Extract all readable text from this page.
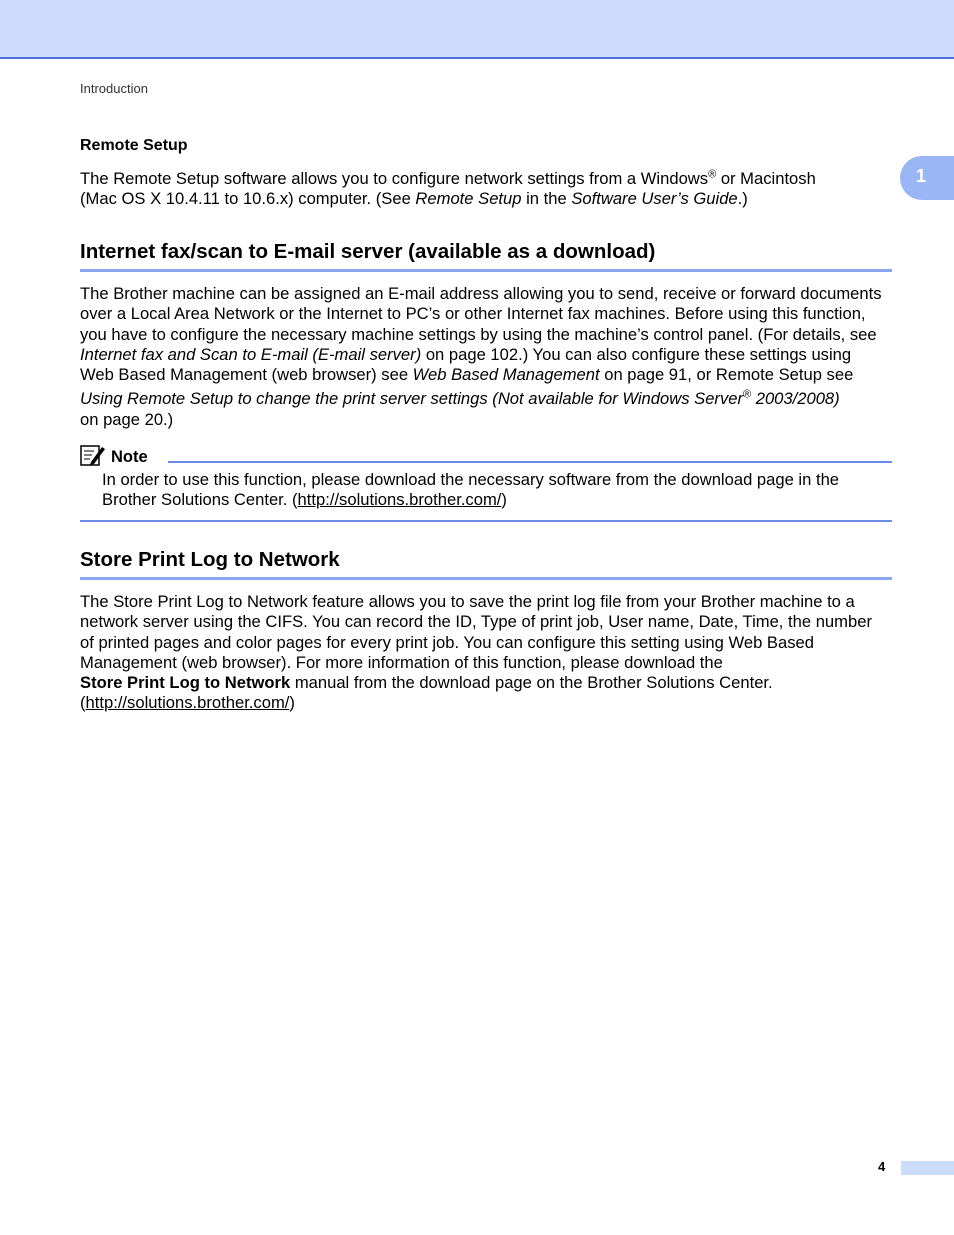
Introduction
1
Remote Setup

The Remote Setup software allows you to configure network settings from a Windows® or Macintosh
(Mac OS X 10.4.11 to 10.6.x) computer. (See Remote Setup in the Software User’s Guide.)

Internet fax/scan to E-mail server (available as a download)

The Brother machine can be assigned an E-mail address allowing you to send, receive or forward documents
over a Local Area Network or the Internet to PC’s or other Internet fax machines. Before using this function,
you have to configure the necessary machine settings by using the machine’s control panel. (For details, see
Internet fax and Scan to E-mail (E-mail server) on page 102.) You can also configure these settings using
Web Based Management (web browser) see Web Based Management on page 91, or Remote Setup see
Using Remote Setup to change the print server settings (Not available for Windows Server® 2003/2008)
on page 20.)

Note

In order to use this function, please download the necessary software from the download page in the
Brother Solutions Center. (http://solutions.brother.com/)

Store Print Log to Network

The Store Print Log to Network feature allows you to save the print log file from your Brother machine to a
network server using the CIFS. You can record the ID, Type of print job, User name, Date, Time, the number
of printed pages and color pages for every print job. You can configure this setting using Web Based
Management (web browser). For more information of this function, please download the
Store Print Log to Network manual from the download page on the Brother Solutions Center.
(http://solutions.brother.com/)

4
